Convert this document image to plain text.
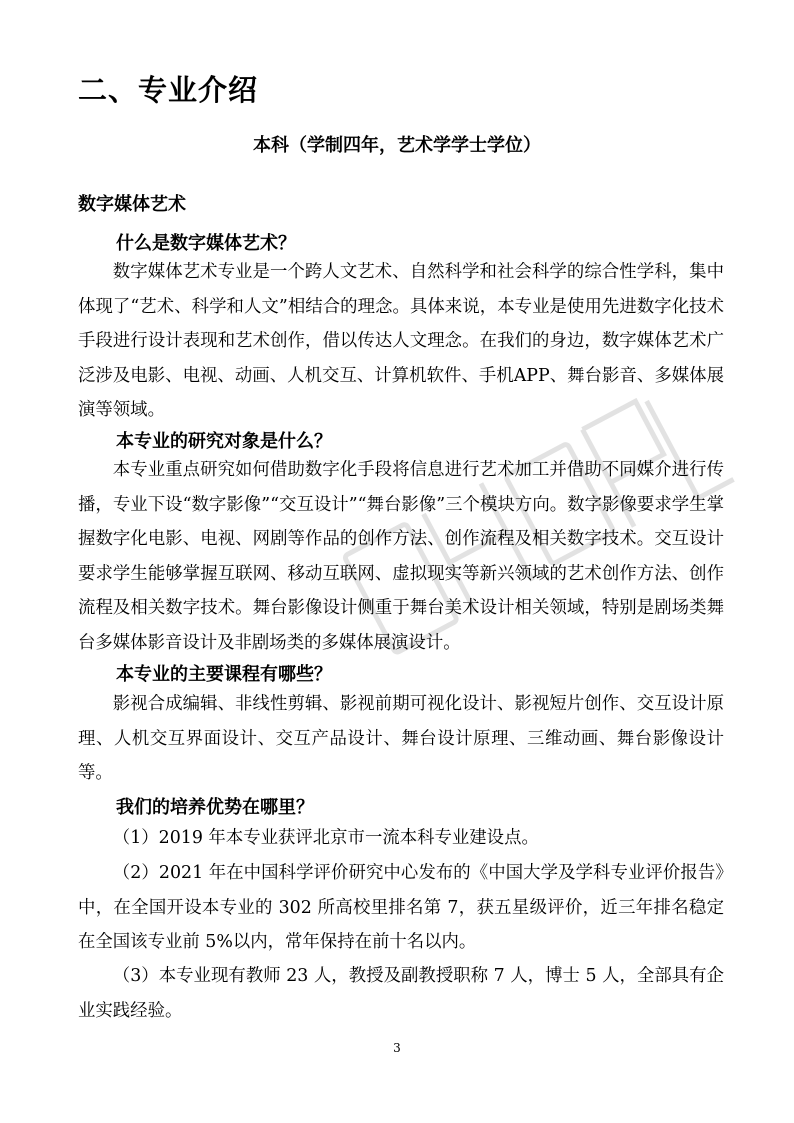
二、专业介绍

本科（学制四年，艺术学学士学位）

数字媒体艺术

什么是数字媒体艺术？

数字媒体艺术专业是一个跨人文艺术、自然科学和社会科学的综合性学科，集中体现了“艺术、科学和人文”相结合的理念。具体来说，本专业是使用先进数字化技术手段进行设计表现和艺术创作，借以传达人文理念。在我们的身边，数字媒体艺术广泛涉及电影、电视、动画、人机交互、计算机软件、手机APP、舞台影音、多媒体展演等领域。

本专业的研究对象是什么？

本专业重点研究如何借助数字化手段将信息进行艺术加工并借助不同媒介进行传播，专业下设“数字影像”“交互设计”“舞台影像”三个模块方向。数字影像要求学生掌握数字化电影、电视、网剧等作品的创作方法、创作流程及相关数字技术。交互设计要求学生能够掌握互联网、移动互联网、虚拟现实等新兴领域的艺术创作方法、创作流程及相关数字技术。舞台影像设计侧重于舞台美术设计相关领域，特别是剧场类舞台多媒体影音设计及非剧场类的多媒体展演设计。

本专业的主要课程有哪些？

影视合成编辑、非线性剪辑、影视前期可视化设计、影视短片创作、交互设计原理、人机交互界面设计、交互产品设计、舞台设计原理、三维动画、舞台影像设计等。

我们的培养优势在哪里？

（1）2019 年本专业获评北京市一流本科专业建设点。

（2）2021 年在中国科学评价研究中心发布的《中国大学及学科专业评价报告》中，在全国开设本专业的 302 所高校里排名第 7，获五星级评价，近三年排名稳定在全国该专业前 5%以内，常年保持在前十名以内。

（3）本专业现有教师 23 人，教授及副教授职称 7 人，博士 5 人，全部具有企业实践经验。

3
